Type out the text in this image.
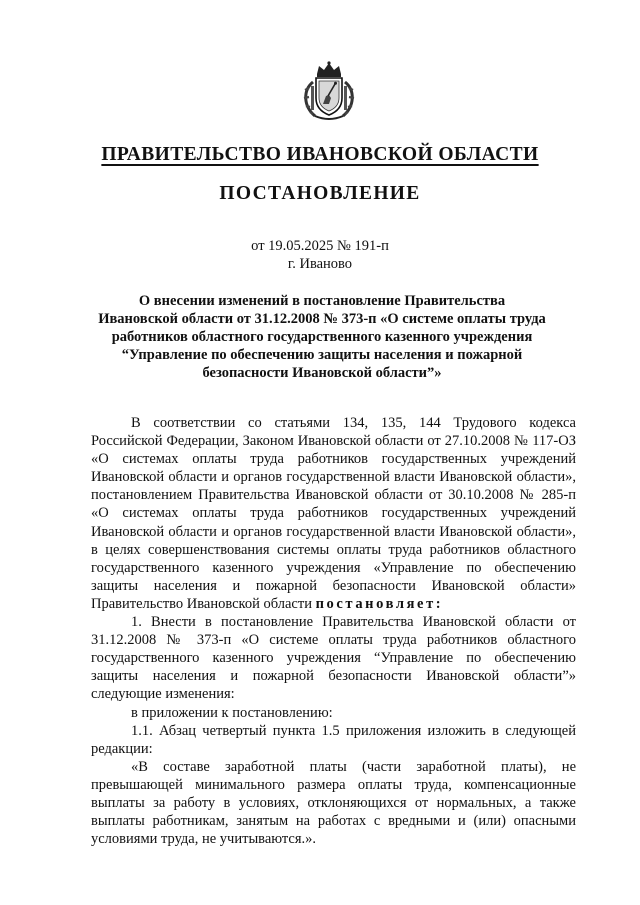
ПРАВИТЕЛЬСТВО ИВАНОВСКОЙ ОБЛАСТИ
ПОСТАНОВЛЕНИЕ
от 19.05.2025 № 191-п
г. Иваново
О внесении изменений в постановление Правительства
Ивановской области от 31.12.2008 № 373-п «О системе оплаты труда
работников областного государственного казенного учреждения
“Управление по обеспечению защиты населения и пожарной
безопасности Ивановской области”»

В соответствии со статьями 134, 135, 144 Трудового кодекса Российской Федерации, Законом Ивановской области от 27.10.2008 № 117-ОЗ «О системах оплаты труда работников государственных учреждений Ивановской области и органов государственной власти Ивановской области», постановлением Правительства Ивановской области от 30.10.2008 № 285-п «О системах оплаты труда работников государственных учреждений Ивановской области и органов государственной власти Ивановской области», в целях совершенствования системы оплаты труда работников областного государственного казенного учреждения «Управление по обеспечению защиты населения и пожарной безопасности Ивановской области» Правительство Ивановской области постановляет:

1. Внести в постановление Правительства Ивановской области от 31.12.2008 № 373-п «О системе оплаты труда работников областного государственного казенного учреждения “Управление по обеспечению защиты населения и пожарной безопасности Ивановской области”» следующие изменения:

в приложении к постановлению:

1.1. Абзац четвертый пункта 1.5 приложения изложить в следующей редакции:

«В составе заработной платы (части заработной платы), не превышающей минимального размера оплаты труда, компенсационные выплаты за работу в условиях, отклоняющихся от нормальных, а также выплаты работникам, занятым на работах с вредными и (или) опасными условиями труда, не учитываются.».
